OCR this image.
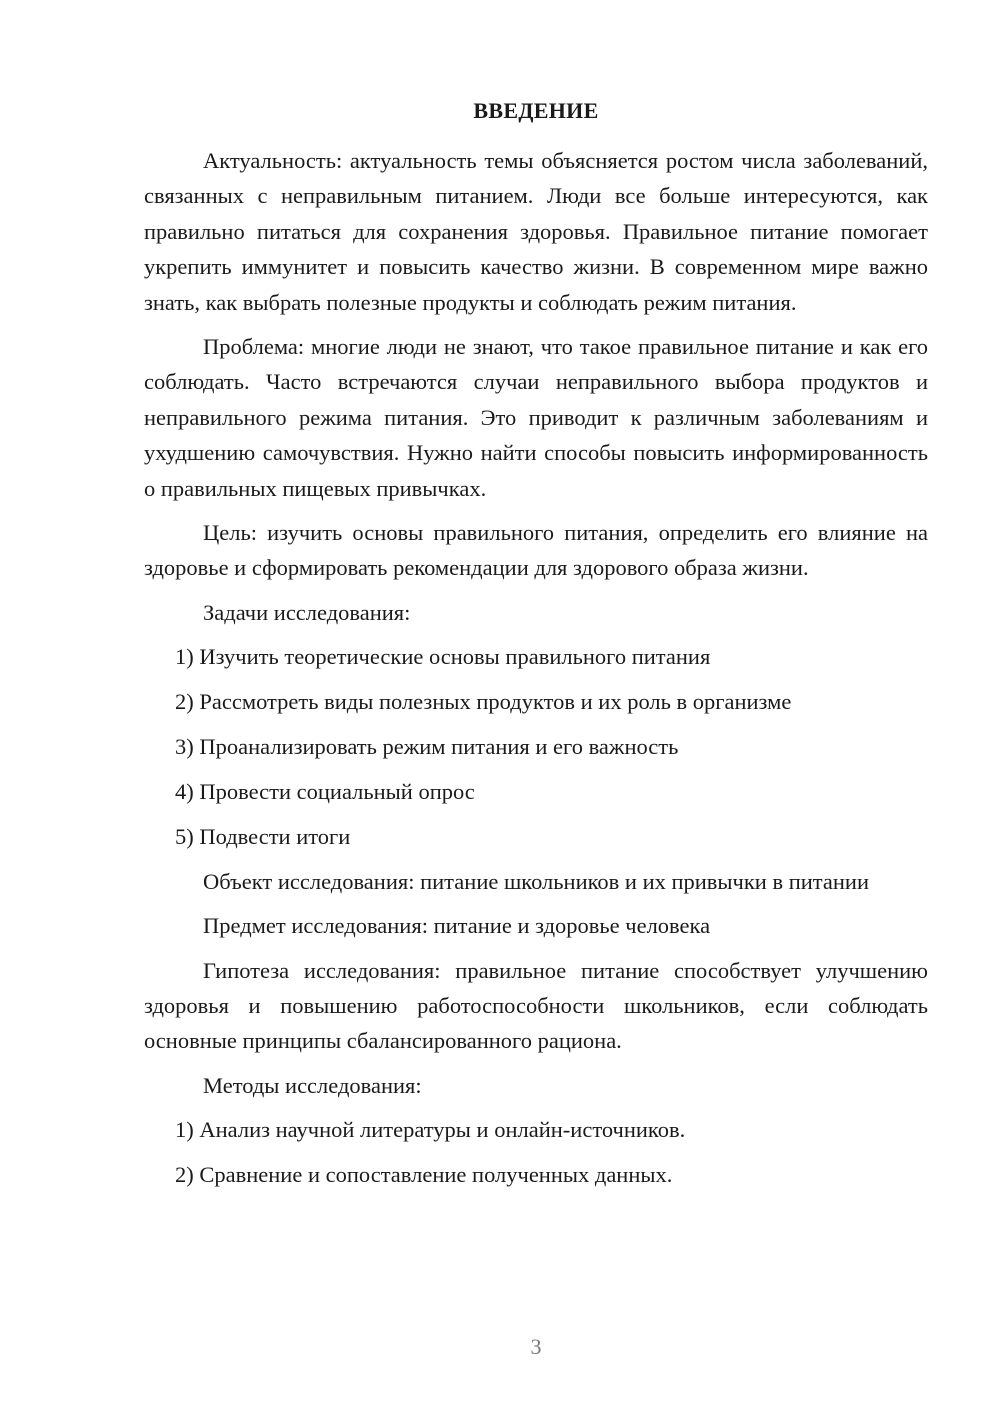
ВВЕДЕНИЕ

Актуальность: актуальность темы объясняется ростом числа заболеваний, связанных с неправильным питанием. Люди все больше интересуются, как правильно питаться для сохранения здоровья. Правильное питание помогает укрепить иммунитет и повысить качество жизни. В современном мире важно знать, как выбрать полезные продукты и соблюдать режим питания.

Проблема: многие люди не знают, что такое правильное питание и как его соблюдать. Часто встречаются случаи неправильного выбора продуктов и неправильного режима питания. Это приводит к различным заболеваниям и ухудшению самочувствия. Нужно найти способы повысить информированность о правильных пищевых привычках.

Цель: изучить основы правильного питания, определить его влияние на здоровье и сформировать рекомендации для здорового образа жизни.

Задачи исследования:

1) Изучить теоретические основы правильного питания
2) Рассмотреть виды полезных продуктов и их роль в организме
3) Проанализировать режим питания и его важность
4) Провести социальный опрос
5) Подвести итоги

Объект исследования: питание школьников и их привычки в питании

Предмет исследования: питание и здоровье человека

Гипотеза исследования: правильное питание способствует улучшению здоровья и повышению работоспособности школьников, если соблюдать основные принципы сбалансированного рациона.

Методы исследования:

1) Анализ научной литературы и онлайн-источников.
2) Сравнение и сопоставление полученных данных.
3
